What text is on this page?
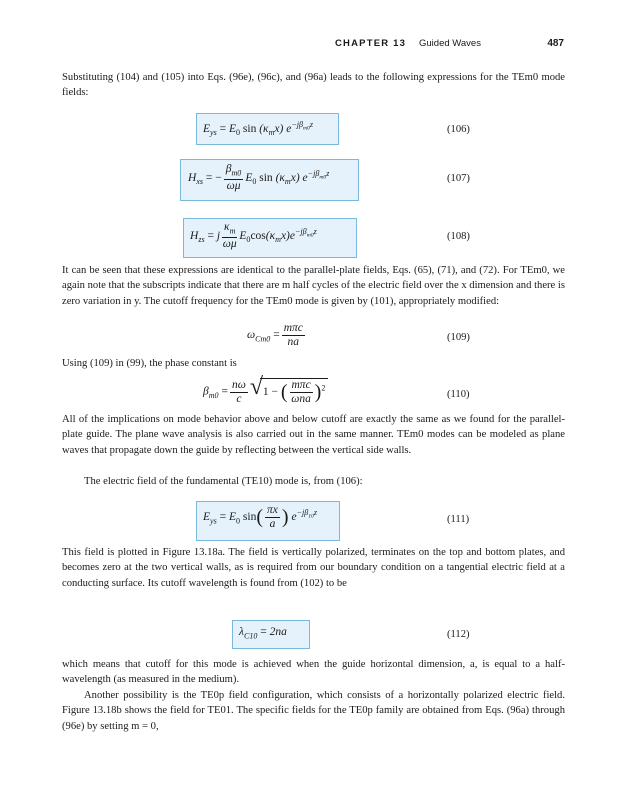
CHAPTER 13 Guided Waves	487
Substituting (104) and (105) into Eqs. (96e), (96c), and (96a) leads to the following expressions for the TEm0 mode fields:
$E_{ys} = E_0$ $\sin (\kappa_mx)$ $e^{-j\beta_{m0}z}$	(106)
$H_{xs}$ = − $\frac{\beta_{m0}}{\omega\mu} E_0$ $\sin (\kappa_mx)$ $e^{-j\beta_{m0}z}$	(107)
$H_{zs} = j \frac{\kappa_m}{\omega\mu} E_0\cos(\kappa_mx)e^{-j\beta_{m0}z}$	(108)
It can be seen that these expressions are identical to the parallel-plate fields, Eqs. (65), (71), and (72). For TEm0, we again note that the subscripts indicate that there are m half cycles of the electric field over the x dimension and there is zero variation in y. The cutoff frequency for the TEm0 mode is given by (101), appropriately modified:
$\omega_{Cm0} = \frac{\text{mπc}}{na}$	(109)
Using (109) in (99), the phase constant is
$\beta_{m0} = \frac{n\omega}{c}$ √ 1 − ( $\frac{\text{mπc}}{\text{ωna}} )^2$
(110)
All of the implications on mode behavior above and below cutoff are exactly the same as we found for the parallel-plate guide. The plane wave analysis is also carried out in the same manner. TEm0 modes can be modeled as plane waves that propagate down the guide by reflecting between the vertical side walls.
The electric field of the fundamental (TE10) mode is, from (106):
$E_{ys} = E_0$ $\sin( \frac{\pi x}{a}$ ) $e^{-j\beta_{10}z}$
(111)
This field is plotted in Figure 13.18a. The field is vertically polarized, terminates on the top and bottom plates, and becomes zero at the two vertical walls, as is required from our boundary condition on a tangential electric field at a conducting surface. Its cutoff wavelength is found from (102) to be
$\lambda_{C10} = 2na$	(112)
which means that cutoff for this mode is achieved when the guide horizontal dimension, a, is equal to a half-wavelength (as measured in the medium).
Another possibility is the TE0p field configuration, which consists of a horizontally polarized electric field. Figure 13.18b shows the field for TE01. The specific fields for the TE0p family are obtained from Eqs. (96a) through (96e) by setting m = 0,
